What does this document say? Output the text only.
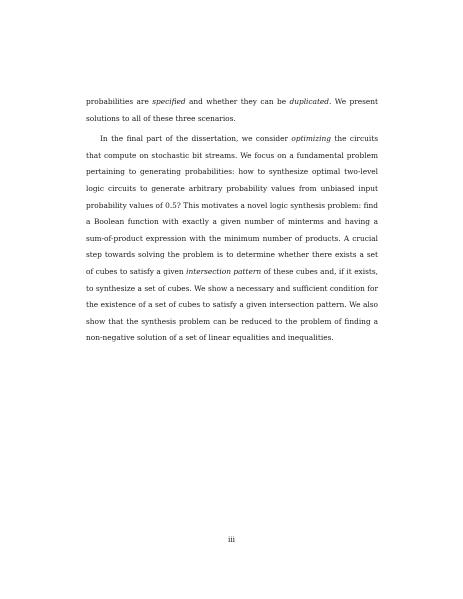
probabilities are specified and whether they can be duplicated. We present solutions to all of these three scenarios.

In the final part of the dissertation, we consider optimizing the circuits that compute on stochastic bit streams. We focus on a fundamental problem pertaining to generating probabilities: how to synthesize optimal two-level logic circuits to generate arbitrary probability values from unbiased input probability values of 0.5? This motivates a novel logic synthesis problem: find a Boolean function with exactly a given number of minterms and having a sum-of-product expression with the minimum number of products. A crucial step towards solving the problem is to determine whether there exists a set of cubes to satisfy a given intersection pattern of these cubes and, if it exists, to synthesize a set of cubes. We show a necessary and sufficient condition for the existence of a set of cubes to satisfy a given intersection pattern. We also show that the synthesis problem can be reduced to the problem of finding a non-negative solution of a set of linear equalities and inequalities.

iii
